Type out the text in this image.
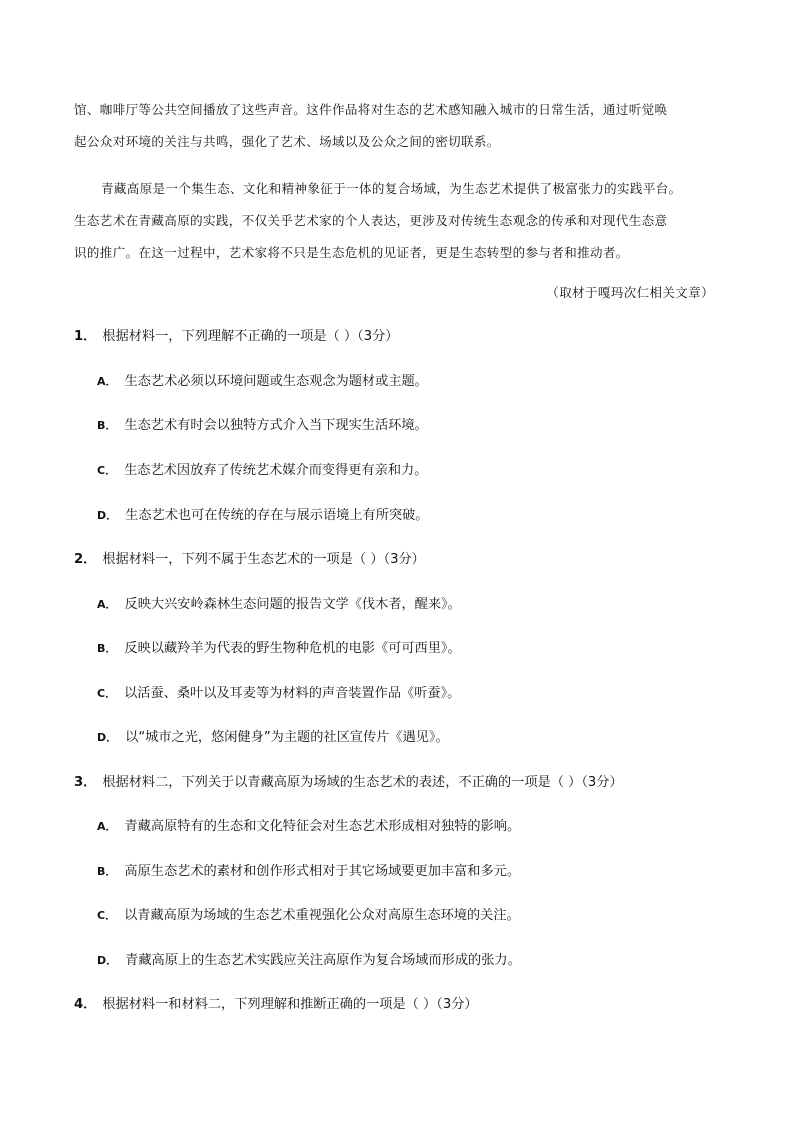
馆、咖啡厅等公共空间播放了这些声音。这件作品将对生态的艺术感知融入城市的日常生活，通过听觉唤
起公众对环境的关注与共鸣，强化了艺术、场域以及公众之间的密切联系。
青藏高原是一个集生态、文化和精神象征于一体的复合场域，为生态艺术提供了极富张力的实践平台。
生态艺术在青藏高原的实践，不仅关乎艺术家的个人表达，更涉及对传统生态观念的传承和对现代生态意
识的推广。在这一过程中，艺术家将不只是生态危机的见证者，更是生态转型的参与者和推动者。
（取材于嘎玛次仁相关文章）
1． 根据材料一，下列理解不正确的一项是（ ）（3分）
A． 生态艺术必须以环境问题或生态观念为题材或主题。
B． 生态艺术有时会以独特方式介入当下现实生活环境。
C． 生态艺术因放弃了传统艺术媒介而变得更有亲和力。
D． 生态艺术也可在传统的存在与展示语境上有所突破。
2． 根据材料一，下列不属于生态艺术的一项是（ ）（3分）
A． 反映大兴安岭森林生态问题的报告文学《伐木者，醒来》。
B． 反映以藏羚羊为代表的野生物种危机的电影《可可西里》。
C． 以活蚕、桑叶以及耳麦等为材料的声音装置作品《听蚕》。
D． 以“城市之光，悠闲健身”为主题的社区宣传片《遇见》。
3． 根据材料二，下列关于以青藏高原为场域的生态艺术的表述，不正确的一项是（ ）（3分）
A． 青藏高原特有的生态和文化特征会对生态艺术形成相对独特的影响。
B． 高原生态艺术的素材和创作形式相对于其它场域要更加丰富和多元。
C． 以青藏高原为场域的生态艺术重视强化公众对高原生态环境的关注。
D． 青藏高原上的生态艺术实践应关注高原作为复合场域而形成的张力。
4． 根据材料一和材料二，下列理解和推断正确的一项是（ ）（3分）
